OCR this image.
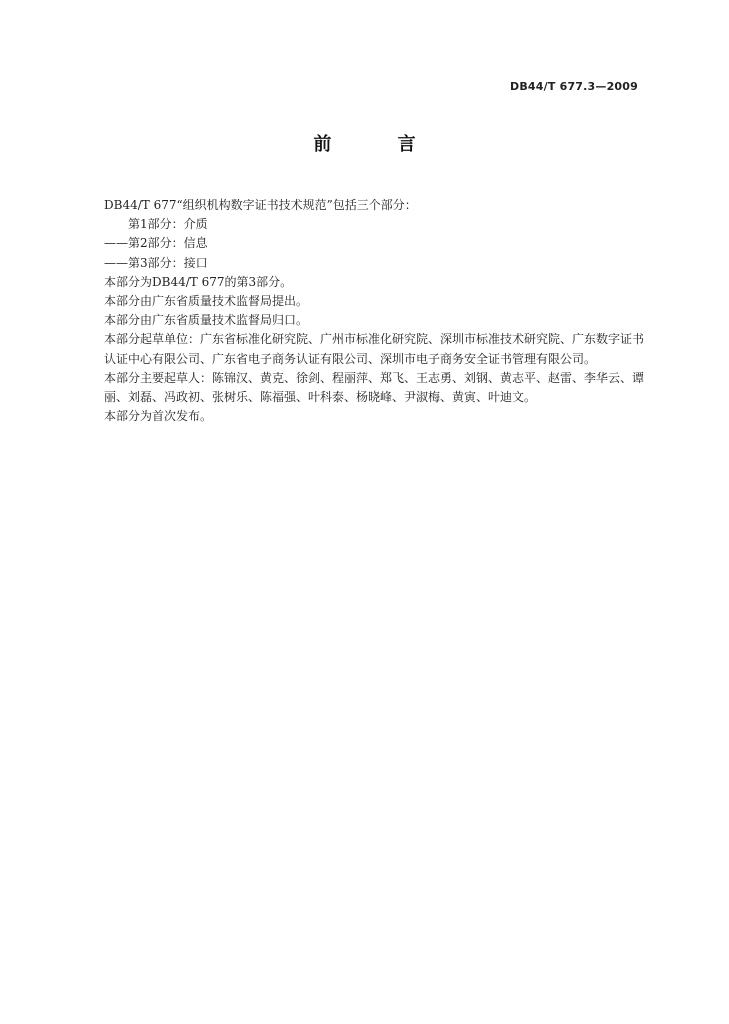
DB44/T 677.3—2009
前 言

DB44/T 677“组织机构数字证书技术规范”包括三个部分：

第1部分：介质

——第2部分：信息

——第3部分：接口

本部分为DB44/T 677的第3部分。

本部分由广东省质量技术监督局提出。

本部分由广东省质量技术监督局归口。

本部分起草单位：广东省标准化研究院、广州市标准化研究院、深圳市标准技术研究院、广东数字证书认证中心有限公司、广东省电子商务认证有限公司、深圳市电子商务安全证书管理有限公司。

本部分主要起草人：陈锦汉、黄克、徐剑、程丽萍、郑飞、王志勇、刘钢、黄志平、赵雷、李华云、谭丽、刘磊、冯政初、张树乐、陈福强、叶科泰、杨晓峰、尹淑梅、黄寅、叶迪文。

本部分为首次发布。
